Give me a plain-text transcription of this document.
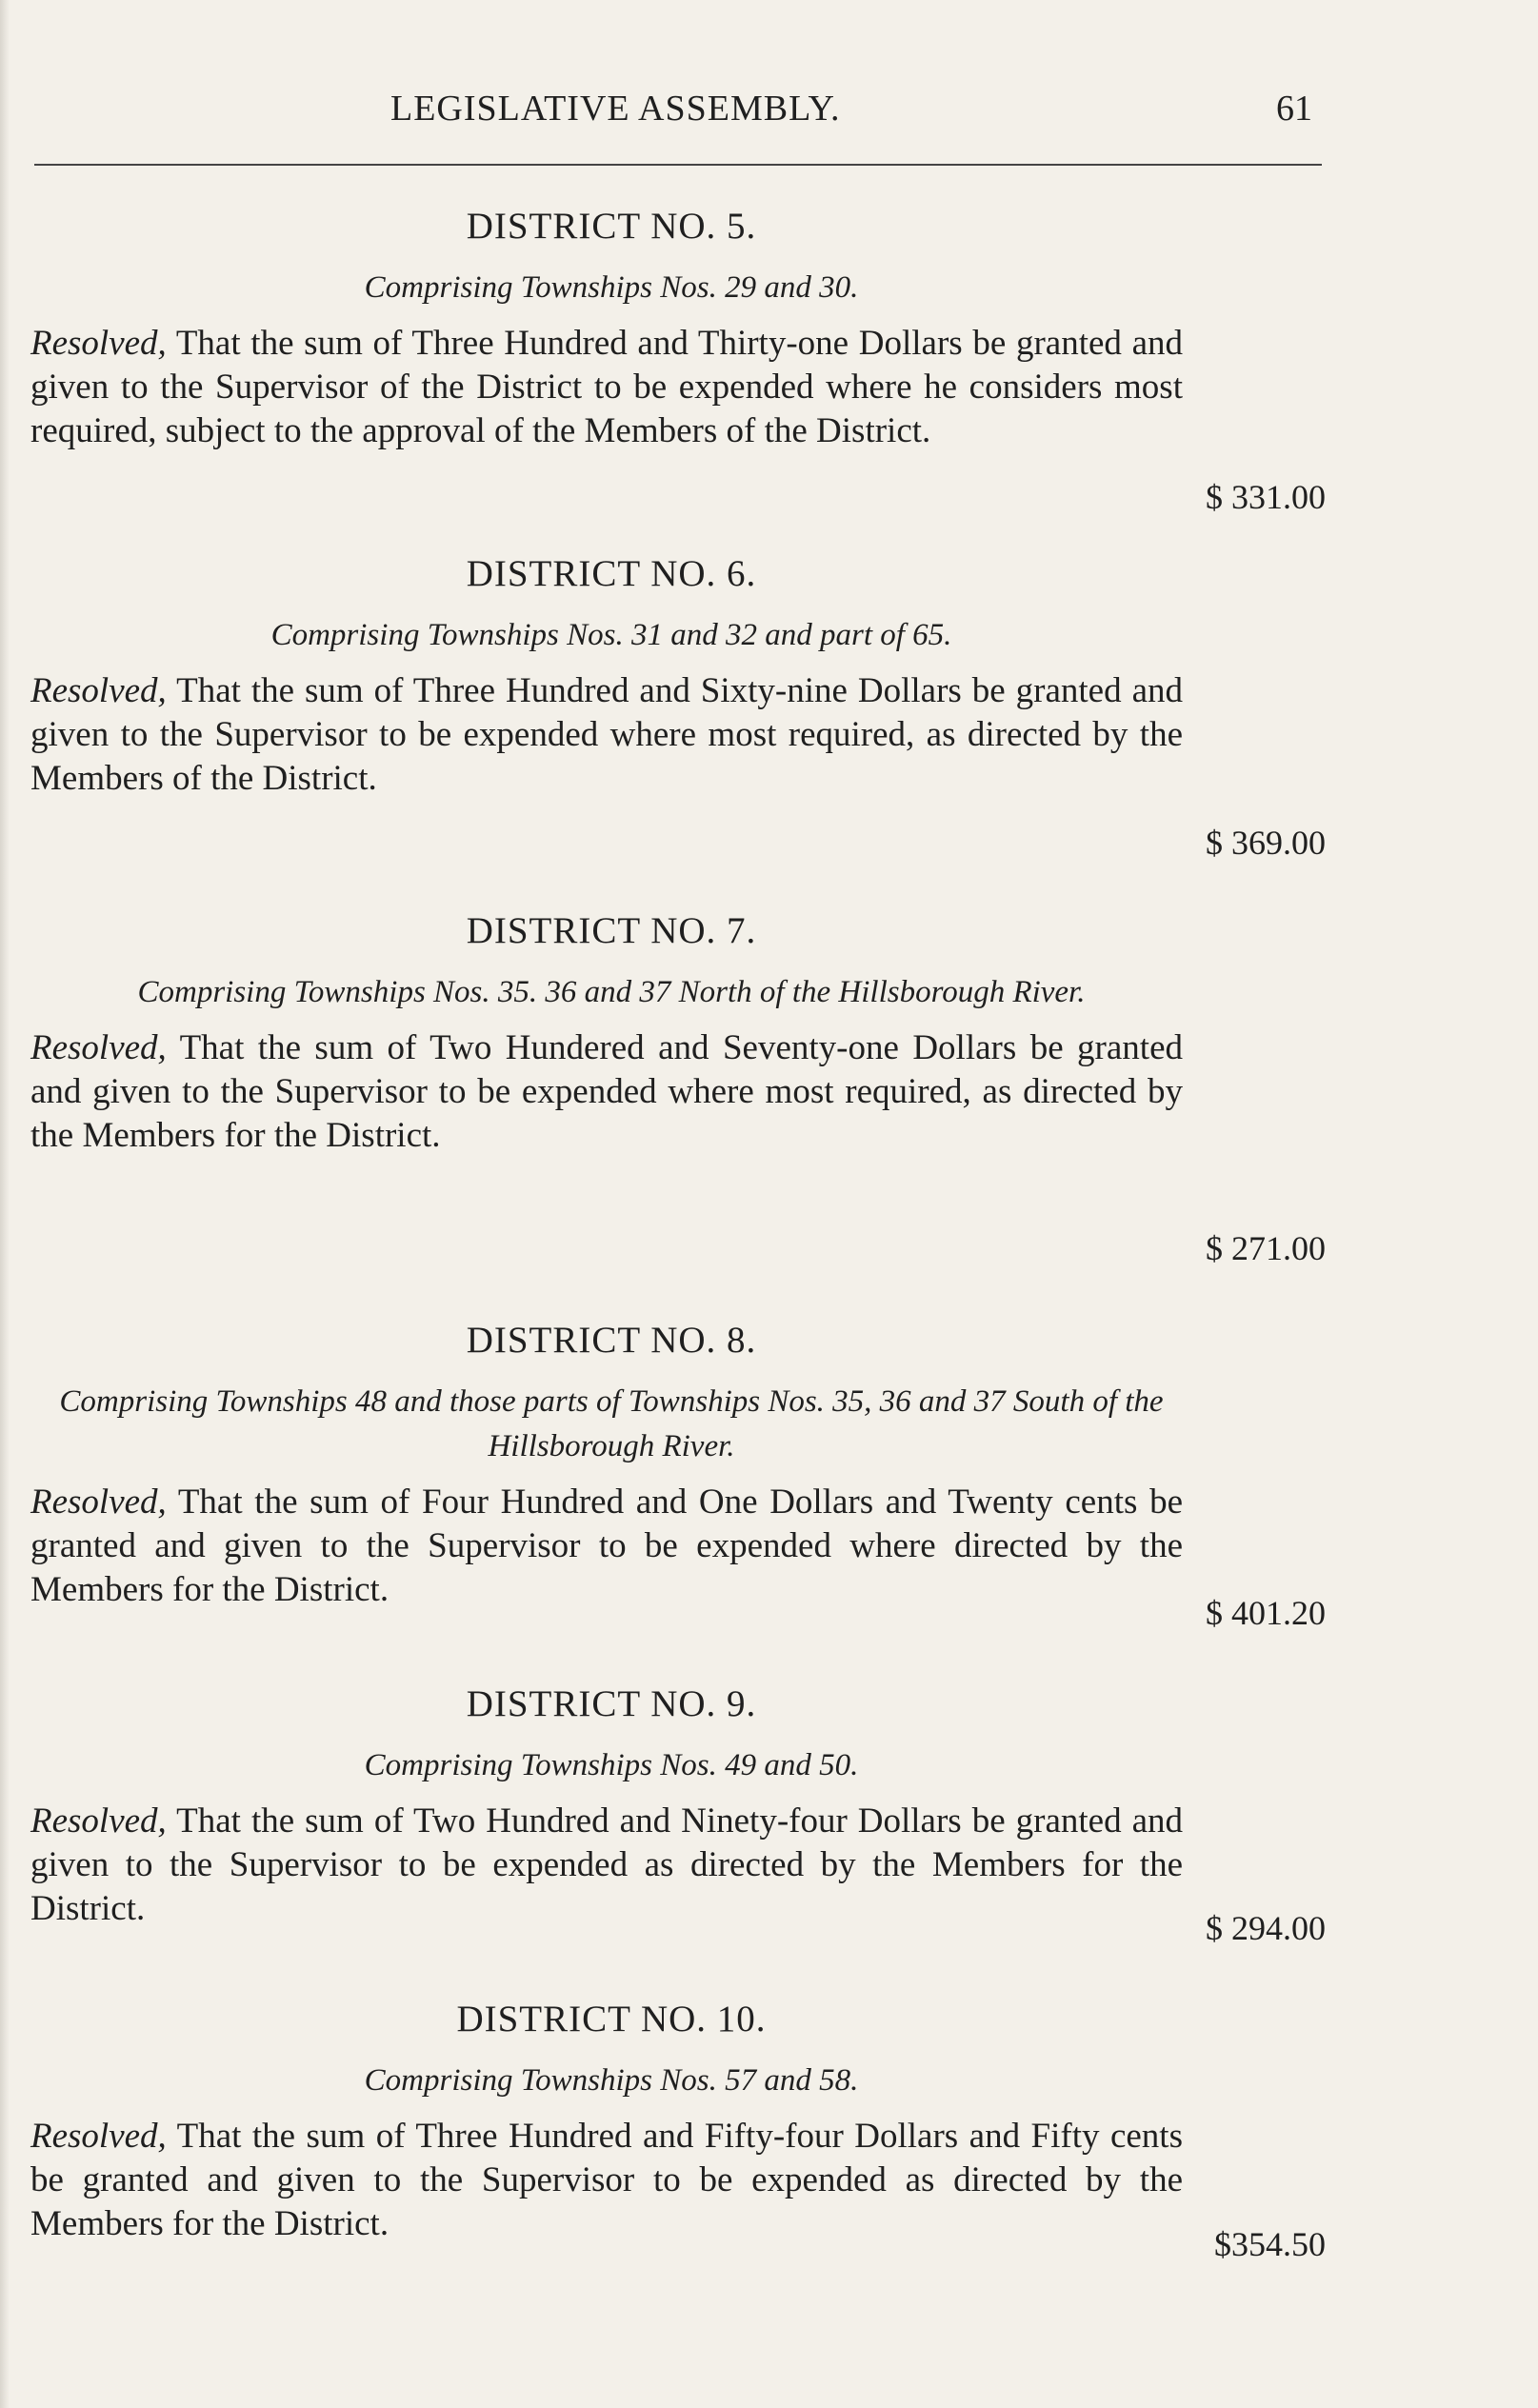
LEGISLATIVE ASSEMBLY.	61
DISTRICT NO. 5.
Comprising Townships Nos. 29 and 30.

Resolved, That the sum of Three Hundred and Thirty-one Dollars be granted and given to the Supervisor of the District to be expended where he considers most required, subject to the approval of the Members of the District.

$ 331.00
DISTRICT NO. 6.
Comprising Townships Nos. 31 and 32 and part of 65.

Resolved, That the sum of Three Hundred and Sixty-nine Dollars be granted and given to the Supervisor to be expended where most required, as directed by the Members of the District.

$ 369.00
DISTRICT NO. 7.
Comprising Townships Nos. 35. 36 and 37 North of the Hillsborough River.

Resolved, That the sum of Two Hundered and Seventy-one Dollars be granted and given to the Supervisor to be expended where most required, as directed by the Members for the District.

$ 271.00
DISTRICT NO. 8.
Comprising Townships 48 and those parts of Townships Nos. 35, 36 and 37 South of the Hillsborough River.

Resolved, That the sum of Four Hundred and One Dollars and Twenty cents be granted and given to the Supervisor to be expended where directed by the Members for the District.

$ 401.20
DISTRICT NO. 9.
Comprising Townships Nos. 49 and 50.

Resolved, That the sum of Two Hundred and Ninety-four Dollars be granted and given to the Supervisor to be expended as directed by the Members for the District.	$ 294.00
DISTRICT NO. 10.
Comprising Townships Nos. 57 and 58.

Resolved, That the sum of Three Hundred and Fifty-four Dollars and Fifty cents be granted and given to the Supervisor to be expended as directed by the Members for the District.

$354.50
